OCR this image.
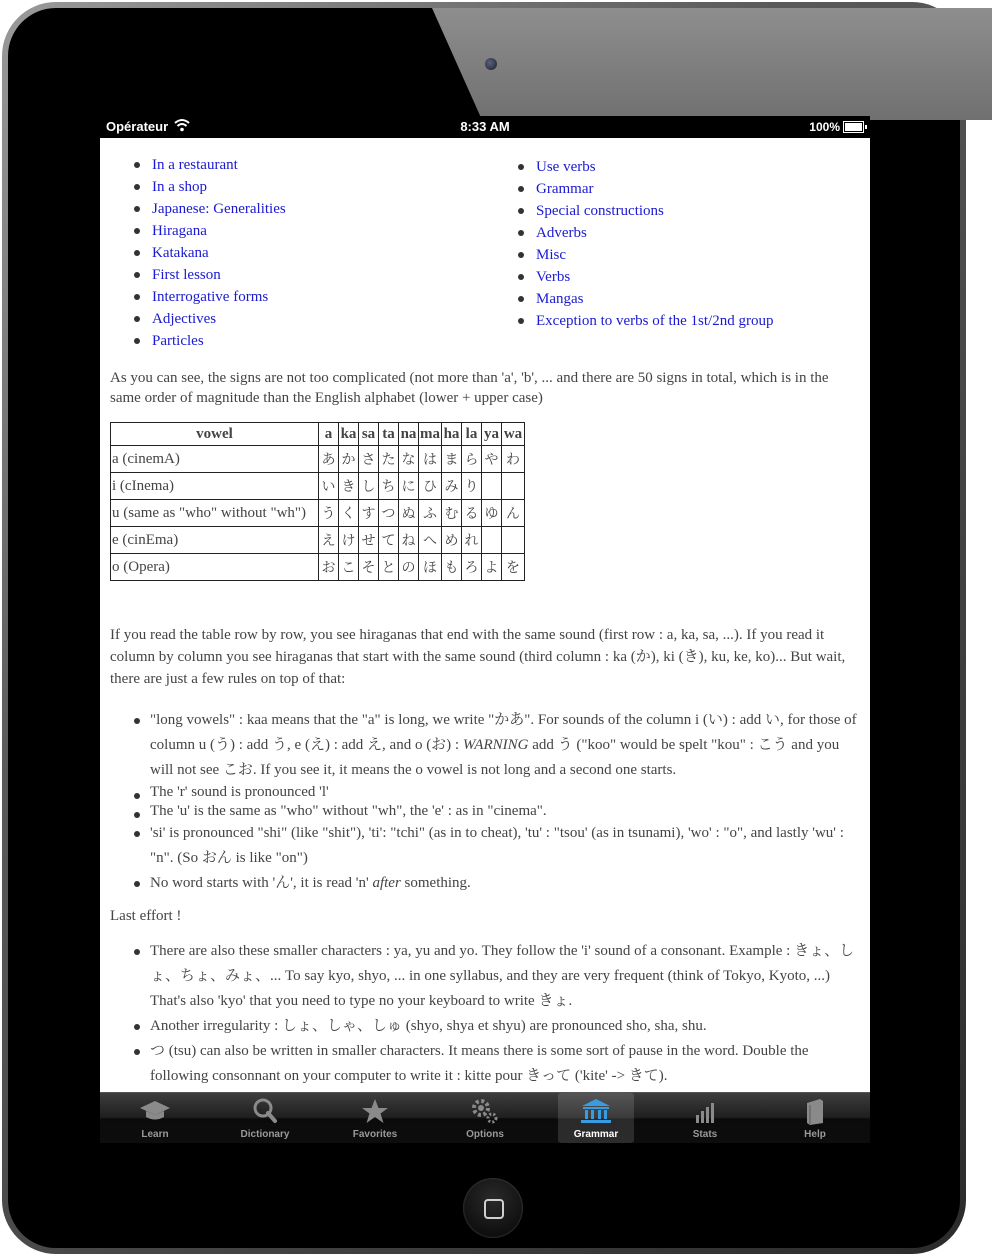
Opérateur	8:33 AM	100%
In a restaurant
In a shop
Japanese: Generalities
Hiragana
Katakana
First lesson
Interrogative forms
Adjectives
Particles
Use verbs
Grammar
Special constructions
Adverbs
Misc
Verbs
Mangas
Exception to verbs of the 1st/2nd group

As you can see, the signs are not too complicated (not more than 'a', 'b', ... and there are 50 signs in total, which is in the same order of magnitude than the English alphabet (lower + upper case)

vowel	a	ka	sa	ta	na	ma	ha	la	ya	wa
a (cinemA)	あ	か	さ	た	な	は	ま	ら	や	わ
i (cInema)	い	き	し	ち	に	ひ	み	り		
u (same as "who" without "wh")	う	く	す	つ	ぬ	ふ	む	る	ゆ	ん
e (cinEma)	え	け	せ	て	ね	へ	め	れ		
o (Opera)	お	こ	そ	と	の	ほ	も	ろ	よ	を

If you read the table row by row, you see hiraganas that end with the same sound (first row : a, ka, sa, ...). If you read it column by column you see hiraganas that start with the same sound (third column : ka (か), ki (き), ku, ke, ko)... But wait, there are just a few rules on top of that:

"long vowels" : kaa means that the "a" is long, we write "かあ". For sounds of the column i (い) : add い, for those of column u (う) : add う, e (え) : add え, and o (お) : WARNING add う ("koo" would be spelt "kou" : こう and you will not see こお. If you see it, it means the o vowel is not long and a second one starts.
The 'r' sound is pronounced 'l'
The 'u' is the same as "who" without "wh", the 'e' : as in "cinema".
'si' is pronounced "shi" (like "shit"), 'ti': "tchi" (as in to cheat), 'tu' : "tsou' (as in tsunami), 'wo' : "o", and lastly 'wu' : "n". (So おん is like "on")
No word starts with 'ん', it is read 'n' after something.

Last effort !

There are also these smaller characters : ya, yu and yo. They follow the 'i' sound of a consonant. Example : きょ、しょ、ちょ、みょ、... To say kyo, shyo, ... in one syllabus, and they are very frequent (think of Tokyo, Kyoto, ...) That's also 'kyo' that you need to type no your keyboard to write きょ.
Another irregularity : しょ、しゃ、しゅ (shyo, shya et shyu) are pronounced sho, sha, shu.
つ (tsu) can also be written in smaller characters. It means there is some sort of pause in the word. Double the following consonnant on your computer to write it : kitte pour きって ('kite' -> きて).
Learn	Dictionary	Favorites	Options	Grammar	Stats	Help
